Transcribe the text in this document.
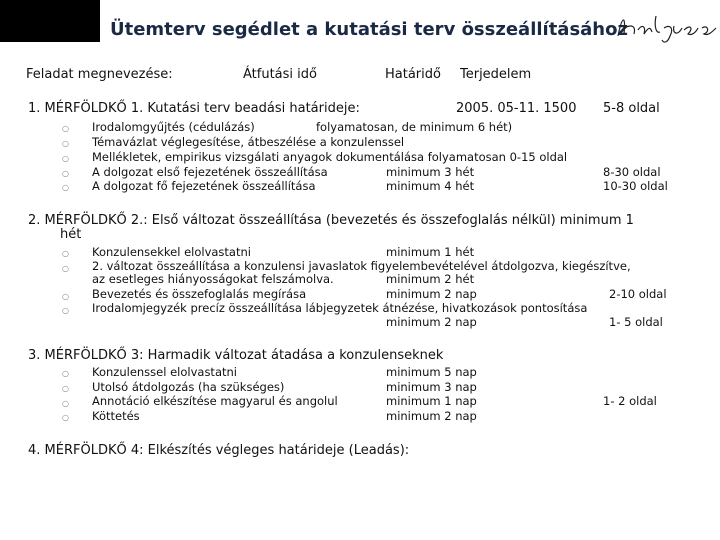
Ütemterv segédlet a kutatási terv összeállításához
Feladat megnevezése:	Átfutási idő	Határidő Terjedelem
1. MÉRFÖLDKŐ 1. Kutatási terv beadási határideje:	2005. 05-11. 1500 5-8 oldal
○ Irodalomgyűjtés (cédulázás)	folyamatosan, de minimum 6 hét)
○ Témavázlat véglegesítése, átbeszélése a konzulenssel
○ Mellékletek, empirikus vizsgálati anyagok dokumentálása folyamatosan 0-15 oldal
○ A dolgozat első fejezetének összeállítása	minimum 3 hét	8-30 oldal
○ A dolgozat fő fejezetének összeállítása	minimum 4 hét	10-30 oldal
2. MÉRFÖLDKŐ 2.: Első változat összeállítása (bevezetés és összefoglalás nélkül) minimum 1
hét
○ Konzulensekkel elolvastatni	minimum 1 hét
○ 2. változat összeállítása a konzulensi javaslatok figyelembevételével átdolgozva, kiegészítve,
az esetleges hiányosságokat felszámolva.	minimum 2 hét
○ Bevezetés és összefoglalás megírása	minimum 2 nap	2-10 oldal
○ Irodalomjegyzék precíz összeállítása lábjegyzetek átnézése, hivatkozások pontosítása
minimum 2 nap	1- 5 oldal
3. MÉRFÖLDKŐ 3: Harmadik változat átadása a konzulenseknek
○ Konzulenssel elolvastatni	minimum 5 nap
○ Utolsó átdolgozás (ha szükséges)	minimum 3 nap
○ Annotáció elkészítése magyarul és angolul	minimum 1 nap	1- 2 oldal
○ Köttetés	minimum 2 nap
4. MÉRFÖLDKŐ 4: Elkészítés végleges határideje (Leadás):
